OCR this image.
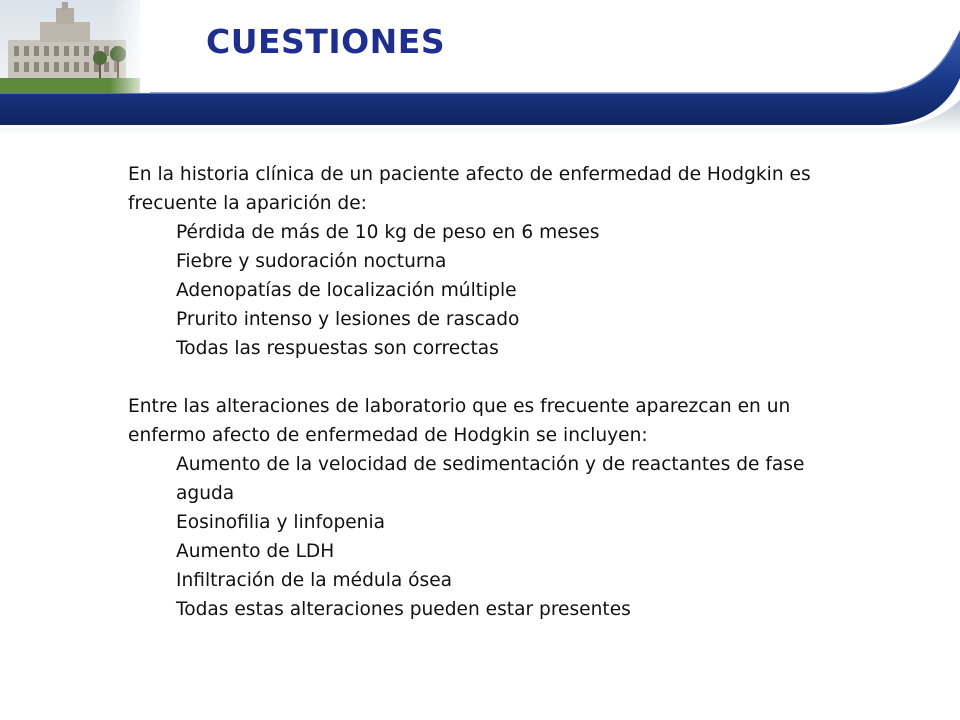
CUESTIONES

En la historia clínica de un paciente afecto de enfermedad de Hodgkin es frecuente la aparición de:

Pérdida de más de 10 kg de peso en 6 meses
Fiebre y sudoración nocturna
Adenopatías de localización múltiple
Prurito intenso y lesiones de rascado
Todas las respuestas son correctas

Entre las alteraciones de laboratorio que es frecuente aparezcan en un enfermo afecto de enfermedad de Hodgkin se incluyen:

Aumento de la velocidad de sedimentación y de reactantes de fase aguda
Eosinofilia y linfopenia
Aumento de LDH
Infiltración de la médula ósea
Todas estas alteraciones pueden estar presentes
